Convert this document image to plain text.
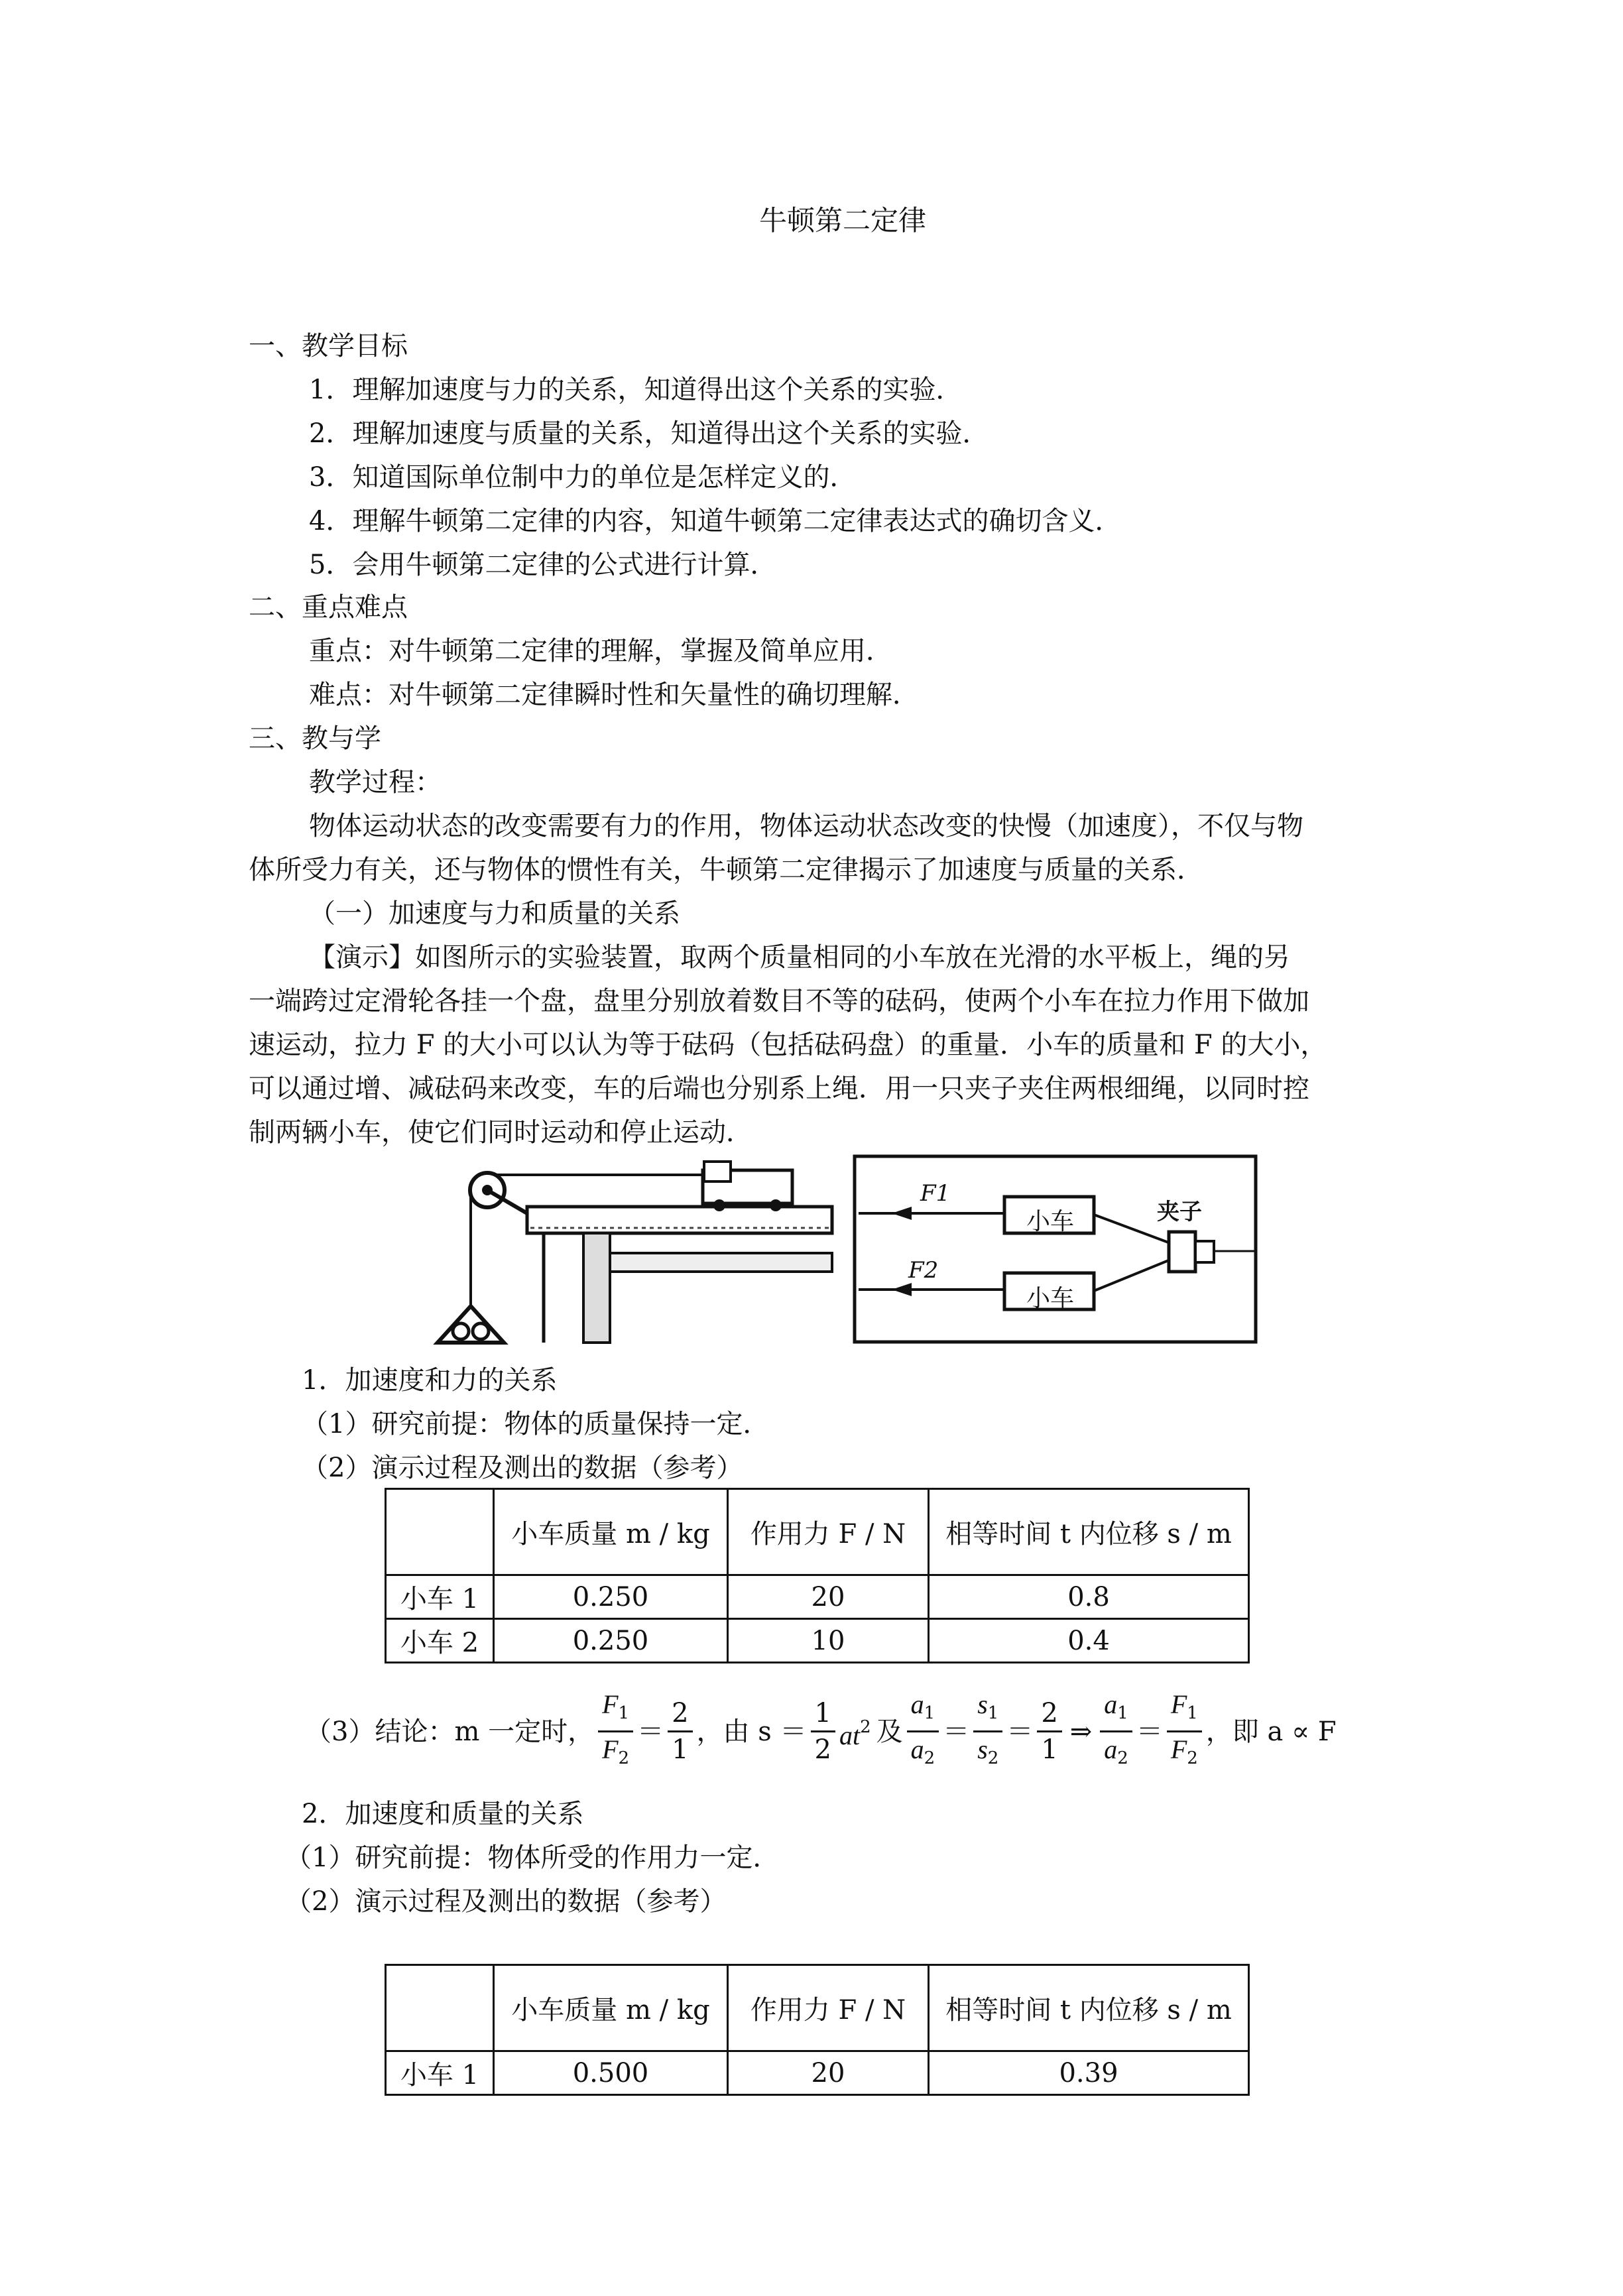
牛顿第二定律
一、教学目标
1．理解加速度与力的关系，知道得出这个关系的实验．
2．理解加速度与质量的关系，知道得出这个关系的实验．
3．知道国际单位制中力的单位是怎样定义的．
4．理解牛顿第二定律的内容，知道牛顿第二定律表达式的确切含义．
5．会用牛顿第二定律的公式进行计算．
二、重点难点
重点：对牛顿第二定律的理解，掌握及简单应用．
难点：对牛顿第二定律瞬时性和矢量性的确切理解．
三、教与学
教学过程：
物体运动状态的改变需要有力的作用，物体运动状态改变的快慢（加速度），不仅与物
体所受力有关，还与物体的惯性有关，牛顿第二定律揭示了加速度与质量的关系．
（一）加速度与力和质量的关系
【演示】如图所示的实验装置，取两个质量相同的小车放在光滑的水平板上，绳的另
一端跨过定滑轮各挂一个盘，盘里分别放着数目不等的砝码，使两个小车在拉力作用下做加
速运动，拉力 F 的大小可以认为等于砝码（包括砝码盘）的重量．小车的质量和 F 的大小，
可以通过增、减砝码来改变，车的后端也分别系上绳．用一只夹子夹住两根细绳，以同时控
制两辆小车，使它们同时运动和停止运动．
F1
F2
小车
小车
夹子
1．加速度和力的关系
（1）研究前提：物体的质量保持一定．
（2）演示过程及测出的数据（参考）
	小车质量 m / kg	作用力 F / N	相等时间 t 内位移 s / m
小车 1	0.250	20	0.8
小车 2	0.250	10	0.4
（3）结论： m 一定时， $\frac{F_1}{F_2} = \frac{2}{1}$ ，由 $s = \frac{1}{2} at^2$ 及 $\frac{a_1}{a_2} = \frac{s_1}{s_2} = \frac{2}{1}$ ⇒ $\frac{a_1}{a_2} = \frac{F_1}{F_2}$ ，即 a ∝ F
2．加速度和质量的关系
（1）研究前提：物体所受的作用力一定．
（2）演示过程及测出的数据（参考）
	小车质量 m / kg	作用力 F / N	相等时间 t 内位移 s / m
小车 1	0.500	20	0.39
